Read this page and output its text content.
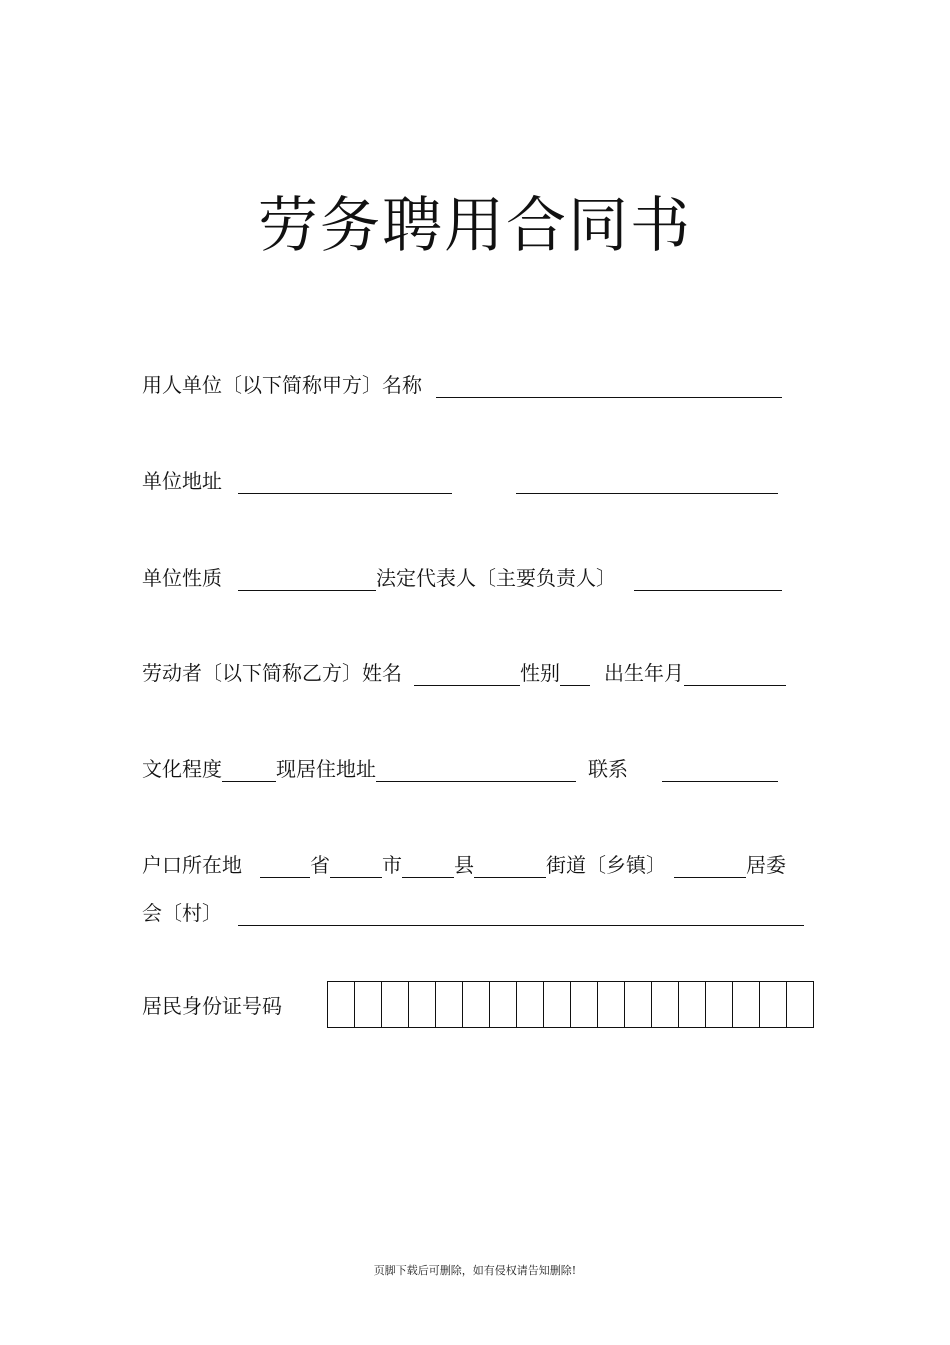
劳务聘用合同书
用人单位〔以下简称甲方〕名称
单位地址
单位性质	法定代表人〔主要负责人〕
劳动者〔以下简称乙方〕姓名	性别 出生年月
文化程度	现居住地址	联系
户口所在地	省	市	县	街道〔乡镇〕	居委
会〔村〕
居民身份证号码
页脚下载后可删除，如有侵权请告知删除!
